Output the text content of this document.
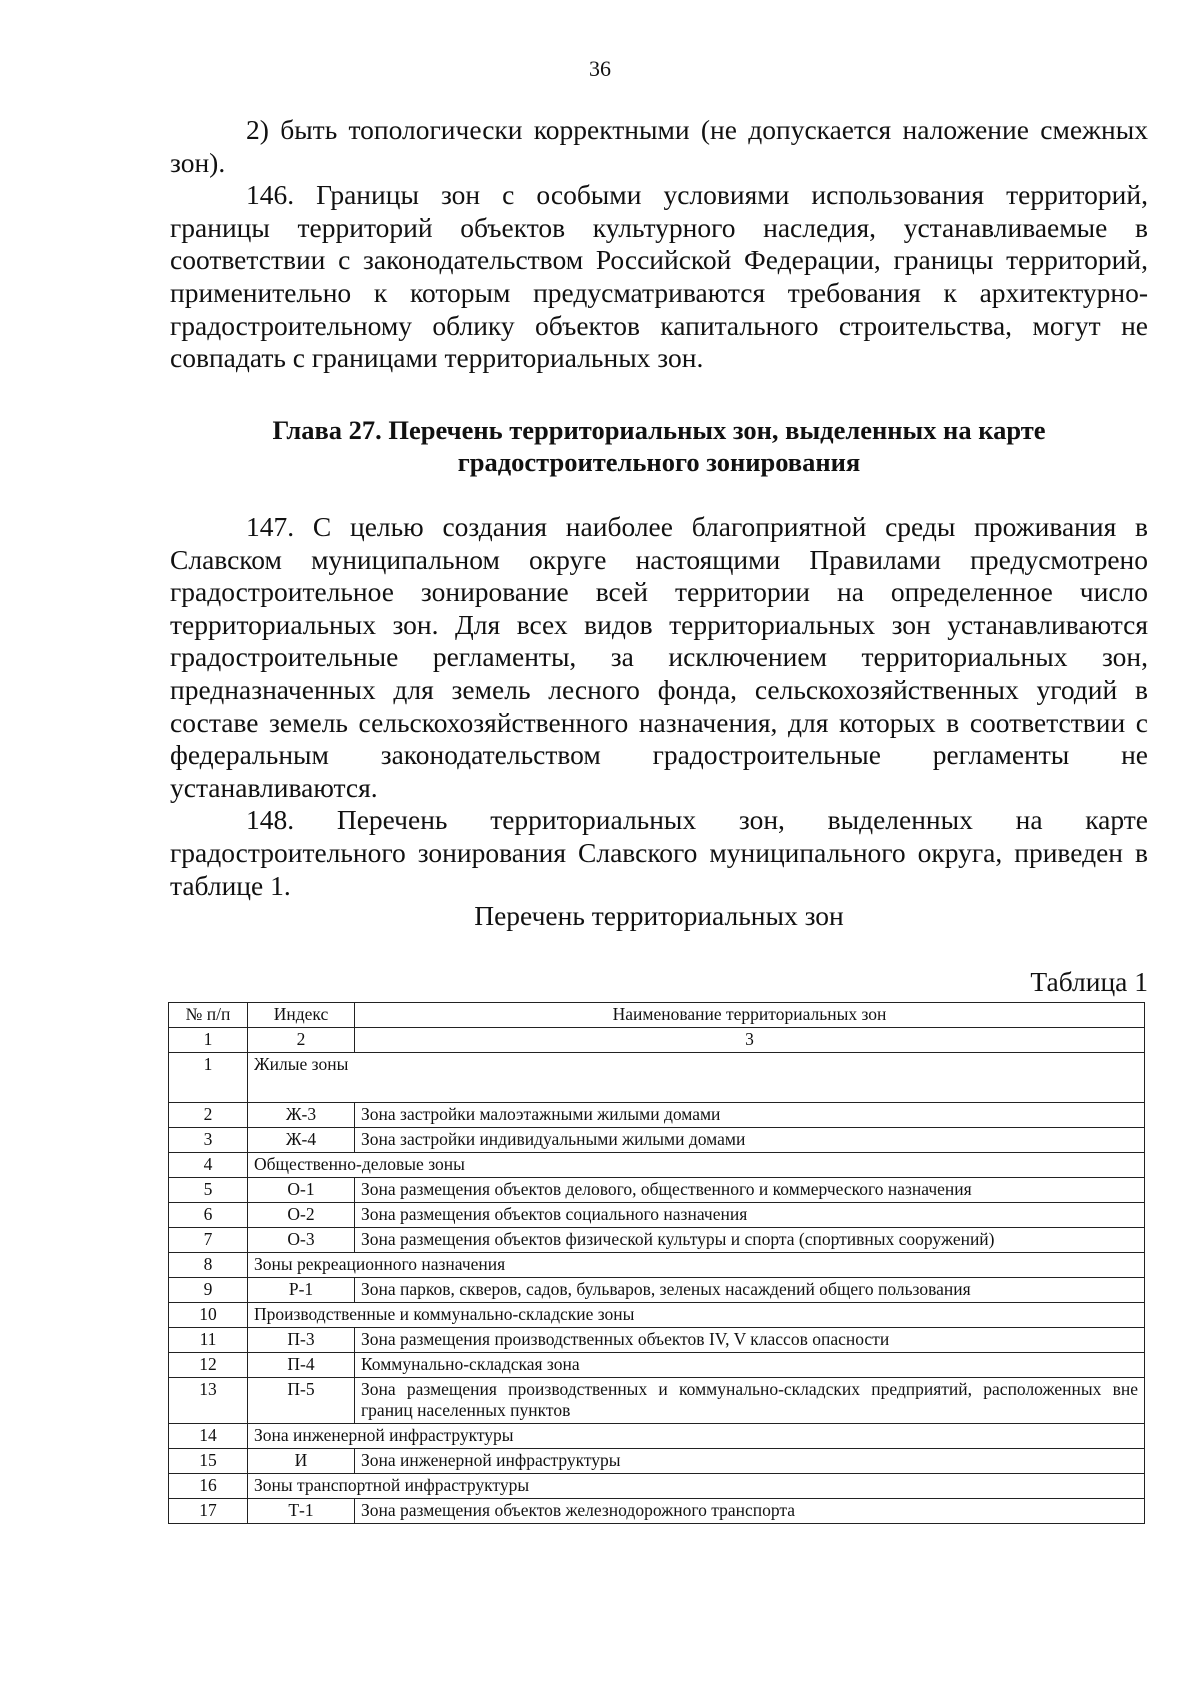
36

2) быть топологически корректными (не допускается наложение смежных зон).

146. Границы зон с особыми условиями использования территорий, границы территорий объектов культурного наследия, устанавливаемые в соответствии с законодательством Российской Федерации, границы территорий, применительно к которым предусматриваются требования к архитектурно-градостроительному облику объектов капитального строительства, могут не совпадать с границами территориальных зон.

Глава 27. Перечень территориальных зон, выделенных на карте
градостроительного зонирования

147. С целью создания наиболее благоприятной среды проживания в Славском муниципальном округе настоящими Правилами предусмотрено градостроительное зонирование всей территории на определенное число территориальных зон. Для всех видов территориальных зон устанавливаются градостроительные регламенты, за исключением территориальных зон, предназначенных для земель лесного фонда, сельскохозяйственных угодий в составе земель сельскохозяйственного назначения, для которых в соответствии с федеральным законодательством градостроительные регламенты не устанавливаются.

148. Перечень территориальных зон, выделенных на карте градостроительного зонирования Славского муниципального округа, приведен в таблице 1.

Перечень территориальных зон
Таблица 1
№ п/п	Индекс	Наименование территориальных зон
1	2	3
1	Жилые зоны	
2	Ж-3	Зона застройки малоэтажными жилыми домами
3	Ж-4	Зона застройки индивидуальными жилыми домами
4	Общественно-деловые зоны	
5	О-1	Зона размещения объектов делового, общественного и коммерческого назначения
6	О-2	Зона размещения объектов социального назначения
7	О-3	Зона размещения объектов физической культуры и спорта (спортивных сооружений)
8	Зоны рекреационного назначения	
9	Р-1	Зона парков, скверов, садов, бульваров, зеленых насаждений общего пользования
10	Производственные и коммунально-складские зоны	
11	П-3	Зона размещения производственных объектов IV, V классов опасности
12	П-4	Коммунально-складская зона
13	П-5	Зона размещения производственных и коммунально-складских предприятий, расположенных вне границ населенных пунктов
14	Зона инженерной инфраструктуры	
15	И	Зона инженерной инфраструктуры
16	Зоны транспортной инфраструктуры	
17	Т-1	Зона размещения объектов железнодорожного транспорта
